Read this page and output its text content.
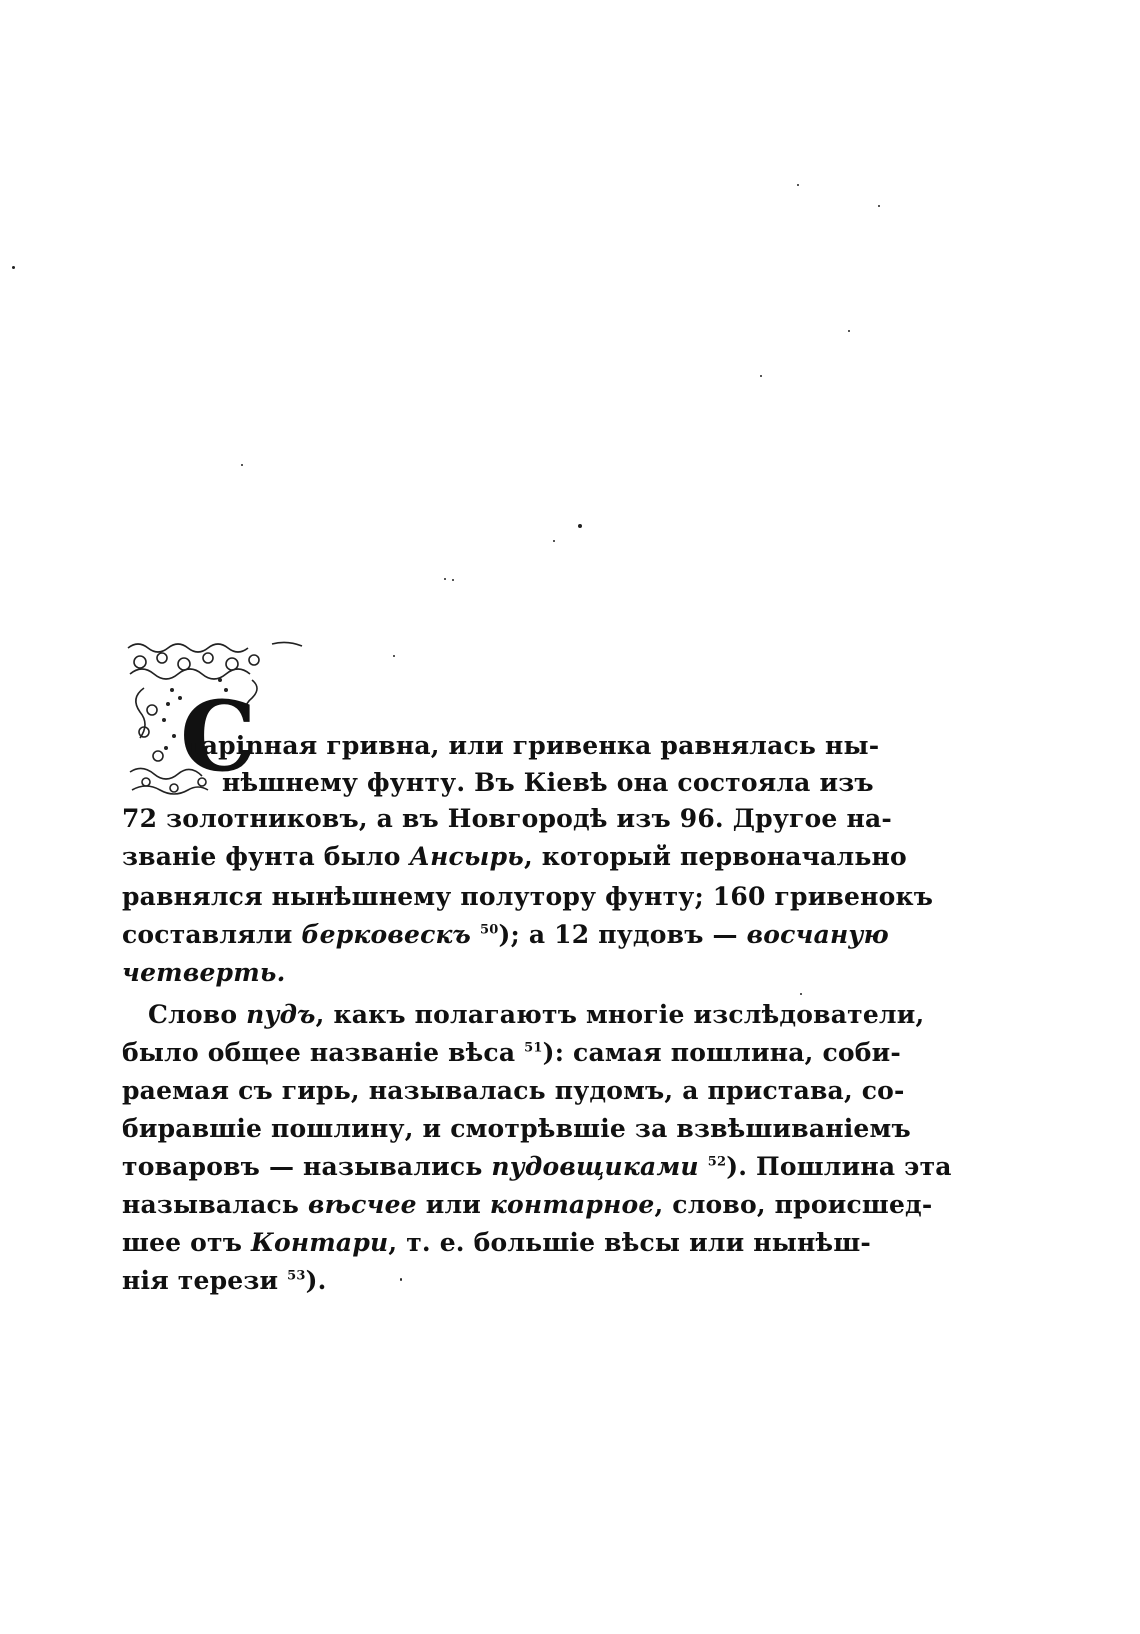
С
тарinная гривна, или гривенка равнялась ны-
нѣшнему фунту. Въ Кіевѣ она состояла изъ
72 золотниковъ, а въ Новгородѣ изъ 96. Другое на-
званіе фунта было Ансырь, который первоначально
равнялся нынѣшнему полутору фунту; 160 гривенокъ
составляли берковескъ $^{50}$); а 12 пудовъ — восчаную
четверть.
Слово пудъ, какъ полагаютъ многіе изслѣдователи,
было общее названіе вѣса $^{51}$): самая пошлина, соби-
раемая съ гирь, называлась пудомъ, а пристава, со-
биравшіе пошлину, и смотрѣвшіе за взвѣшиваніемъ
товаровъ — назывались пудовщиками $^{52}$). Пошлина эта
называлась вѣсчее или контарное, слово, происшед-
шее отъ Контари, т. е. большіе вѣсы или нынѣш-
нія терези $^{53}$).
